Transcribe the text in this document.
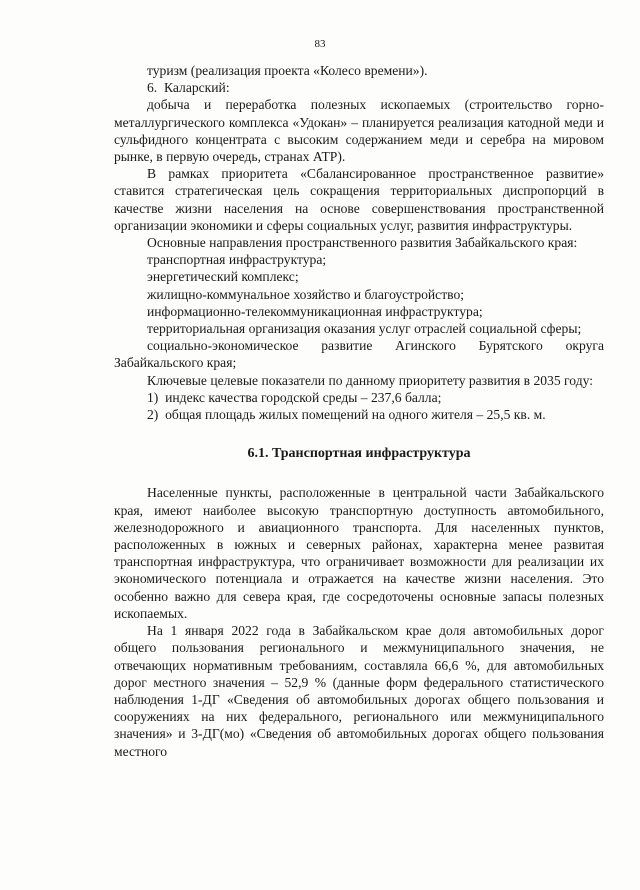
83

туризм (реализация проекта «Колесо времени»).

6.  Каларский:

добыча и переработка полезных ископаемых (строительство горно-металлургического комплекса «Удокан» – планируется реализация катодной меди и сульфидного концентрата с высоким содержанием меди и серебра на мировом рынке, в первую очередь, странах АТР).

В рамках приоритета «Сбалансированное пространственное развитие» ставится стратегическая цель сокращения территориальных диспропорций в качестве жизни населения на основе совершенствования пространственной организации экономики и сферы социальных услуг, развития инфраструктуры.

Основные направления пространственного развития Забайкальского края:

транспортная инфраструктура;

энергетический комплекс;

жилищно-коммунальное хозяйство и благоустройство;

информационно-телекоммуникационная инфраструктура;

территориальная организация оказания услуг отраслей социальной сферы;

социально-экономическое развитие Агинского Бурятского округа Забайкальского края;

Ключевые целевые показатели по данному приоритету развития в 2035 году:

1)  индекс качества городской среды – 237,6 балла;

2)  общая площадь жилых помещений на одного жителя – 25,5 кв. м.

6.1. Транспортная инфраструктура

Населенные пункты, расположенные в центральной части Забайкальского края, имеют наиболее высокую транспортную доступность автомобильного, железнодорожного и авиационного транспорта. Для населенных пунктов, расположенных в южных и северных районах, характерна менее развитая транспортная инфраструктура, что ограничивает возможности для реализации их экономического потенциала и отражается на качестве жизни населения. Это особенно важно для севера края, где сосредоточены основные запасы полезных ископаемых.

На 1 января 2022 года в Забайкальском крае доля автомобильных дорог общего пользования регионального и межмуниципального значения, не отвечающих нормативным требованиям, составляла 66,6 %, для автомобильных дорог местного значения – 52,9 % (данные форм федерального статистического наблюдения 1-ДГ «Сведения об автомобильных дорогах общего пользования и сооружениях на них федерального, регионального или межмуниципального значения» и 3-ДГ(мо) «Сведения об автомобильных дорогах общего пользования местного
